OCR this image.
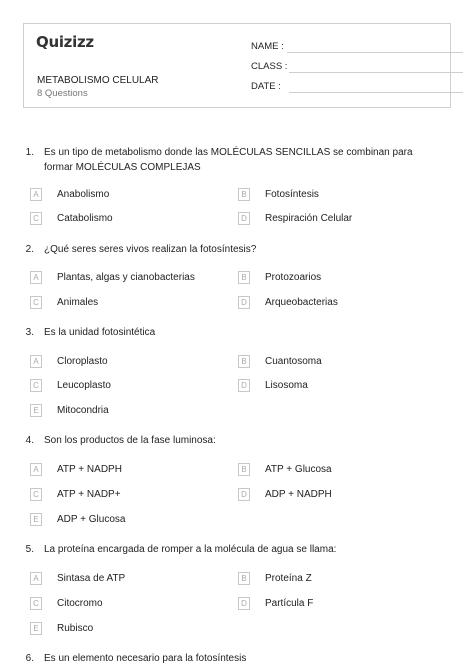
Quizizz
METABOLISMO CELULAR
8 Questions
NAME :
CLASS :
DATE :
1. Es un tipo de metabolismo donde las MOLÉCULAS SENCILLAS se combinan para formar MOLÉCULAS COMPLEJAS
A	Anabolismo	B	Fotosíntesis
C	Catabolismo	D	Respiración Celular
2. ¿Qué seres seres vivos realizan la fotosíntesis?
A	Plantas, algas y cianobacterias	B	Protozoarios
C	Animales	D	Arqueobacterias
3. Es la unidad fotosintética
A	Cloroplasto	B	Cuantosoma
C	Leucoplasto	D	Lisosoma
E	Mitocondria
4. Son los productos de la fase luminosa:
A	ATP + NADPH	B	ATP + Glucosa
C	ATP + NADP+	D	ADP + NADPH
E	ADP + Glucosa
5. La proteína encargada de romper a la molécula de agua se llama:
A	Sintasa de ATP	B	Proteína Z
C	Citocromo	D	Partícula F
E	Rubisco
6. Es un elemento necesario para la fotosíntesis
